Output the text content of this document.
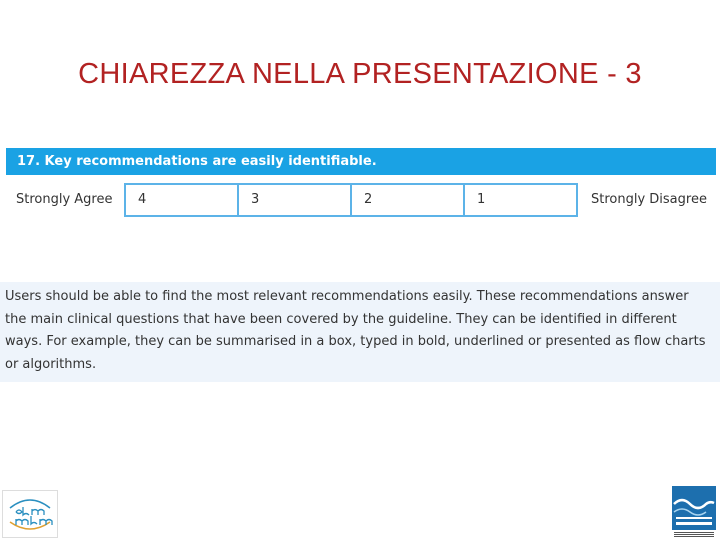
CHIAREZZA NELLA PRESENTAZIONE - 3
17. Key recommendations are easily identifiable.
Strongly Agree	4	3	2	1	Strongly Disagree
Users should be able to find the most relevant recommendations easily. These recommendations answer the main clinical questions that have been covered by the guideline. They can be identified in different ways. For example, they can be summarised in a box, typed in bold, underlined or presented as flow charts or algorithms.
